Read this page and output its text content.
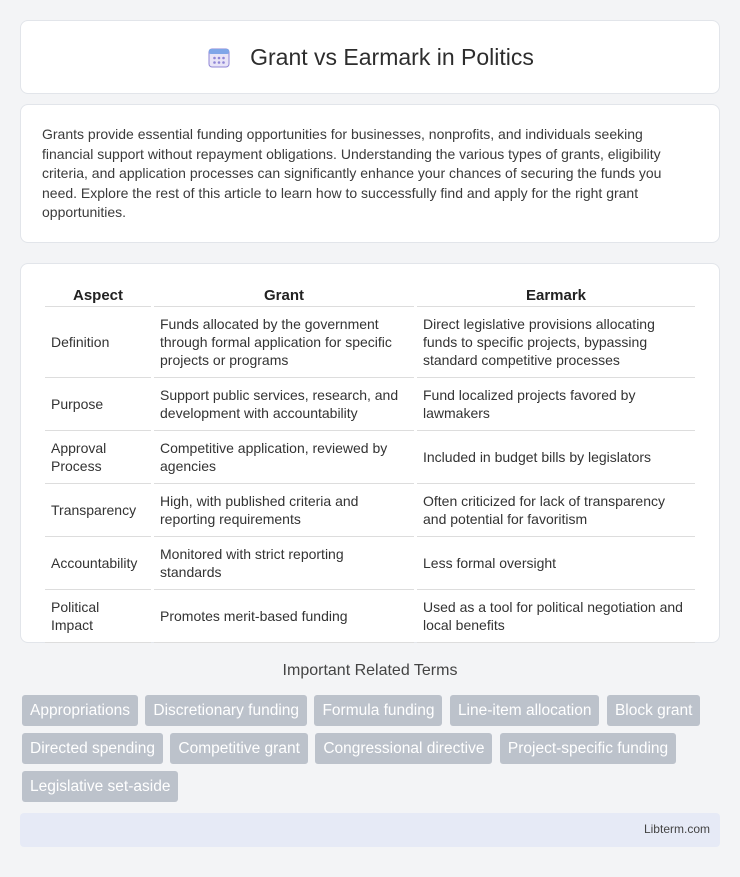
Grant vs Earmark in Politics

Grants provide essential funding opportunities for businesses, nonprofits, and individuals seeking financial support without repayment obligations. Understanding the various types of grants, eligibility criteria, and application processes can significantly enhance your chances of securing the funds you need. Explore the rest of this article to learn how to successfully find and apply for the right grant opportunities.

Aspect	Grant	Earmark
Definition	Funds allocated by the government through formal application for specific projects or programs	Direct legislative provisions allocating funds to specific projects, bypassing standard competitive processes
Purpose	Support public services, research, and development with accountability	Fund localized projects favored by lawmakers
Approval Process	Competitive application, reviewed by agencies	Included in budget bills by legislators
Transparency	High, with published criteria and reporting requirements	Often criticized for lack of transparency and potential for favoritism
Accountability	Monitored with strict reporting standards	Less formal oversight
Political Impact	Promotes merit-based funding	Used as a tool for political negotiation and local benefits
Important Related Terms
Appropriations Discretionary funding Formula funding Line-item allocation Block grant Directed spending Competitive grant Congressional directive Project-specific funding Legislative set-aside
Libterm.com
